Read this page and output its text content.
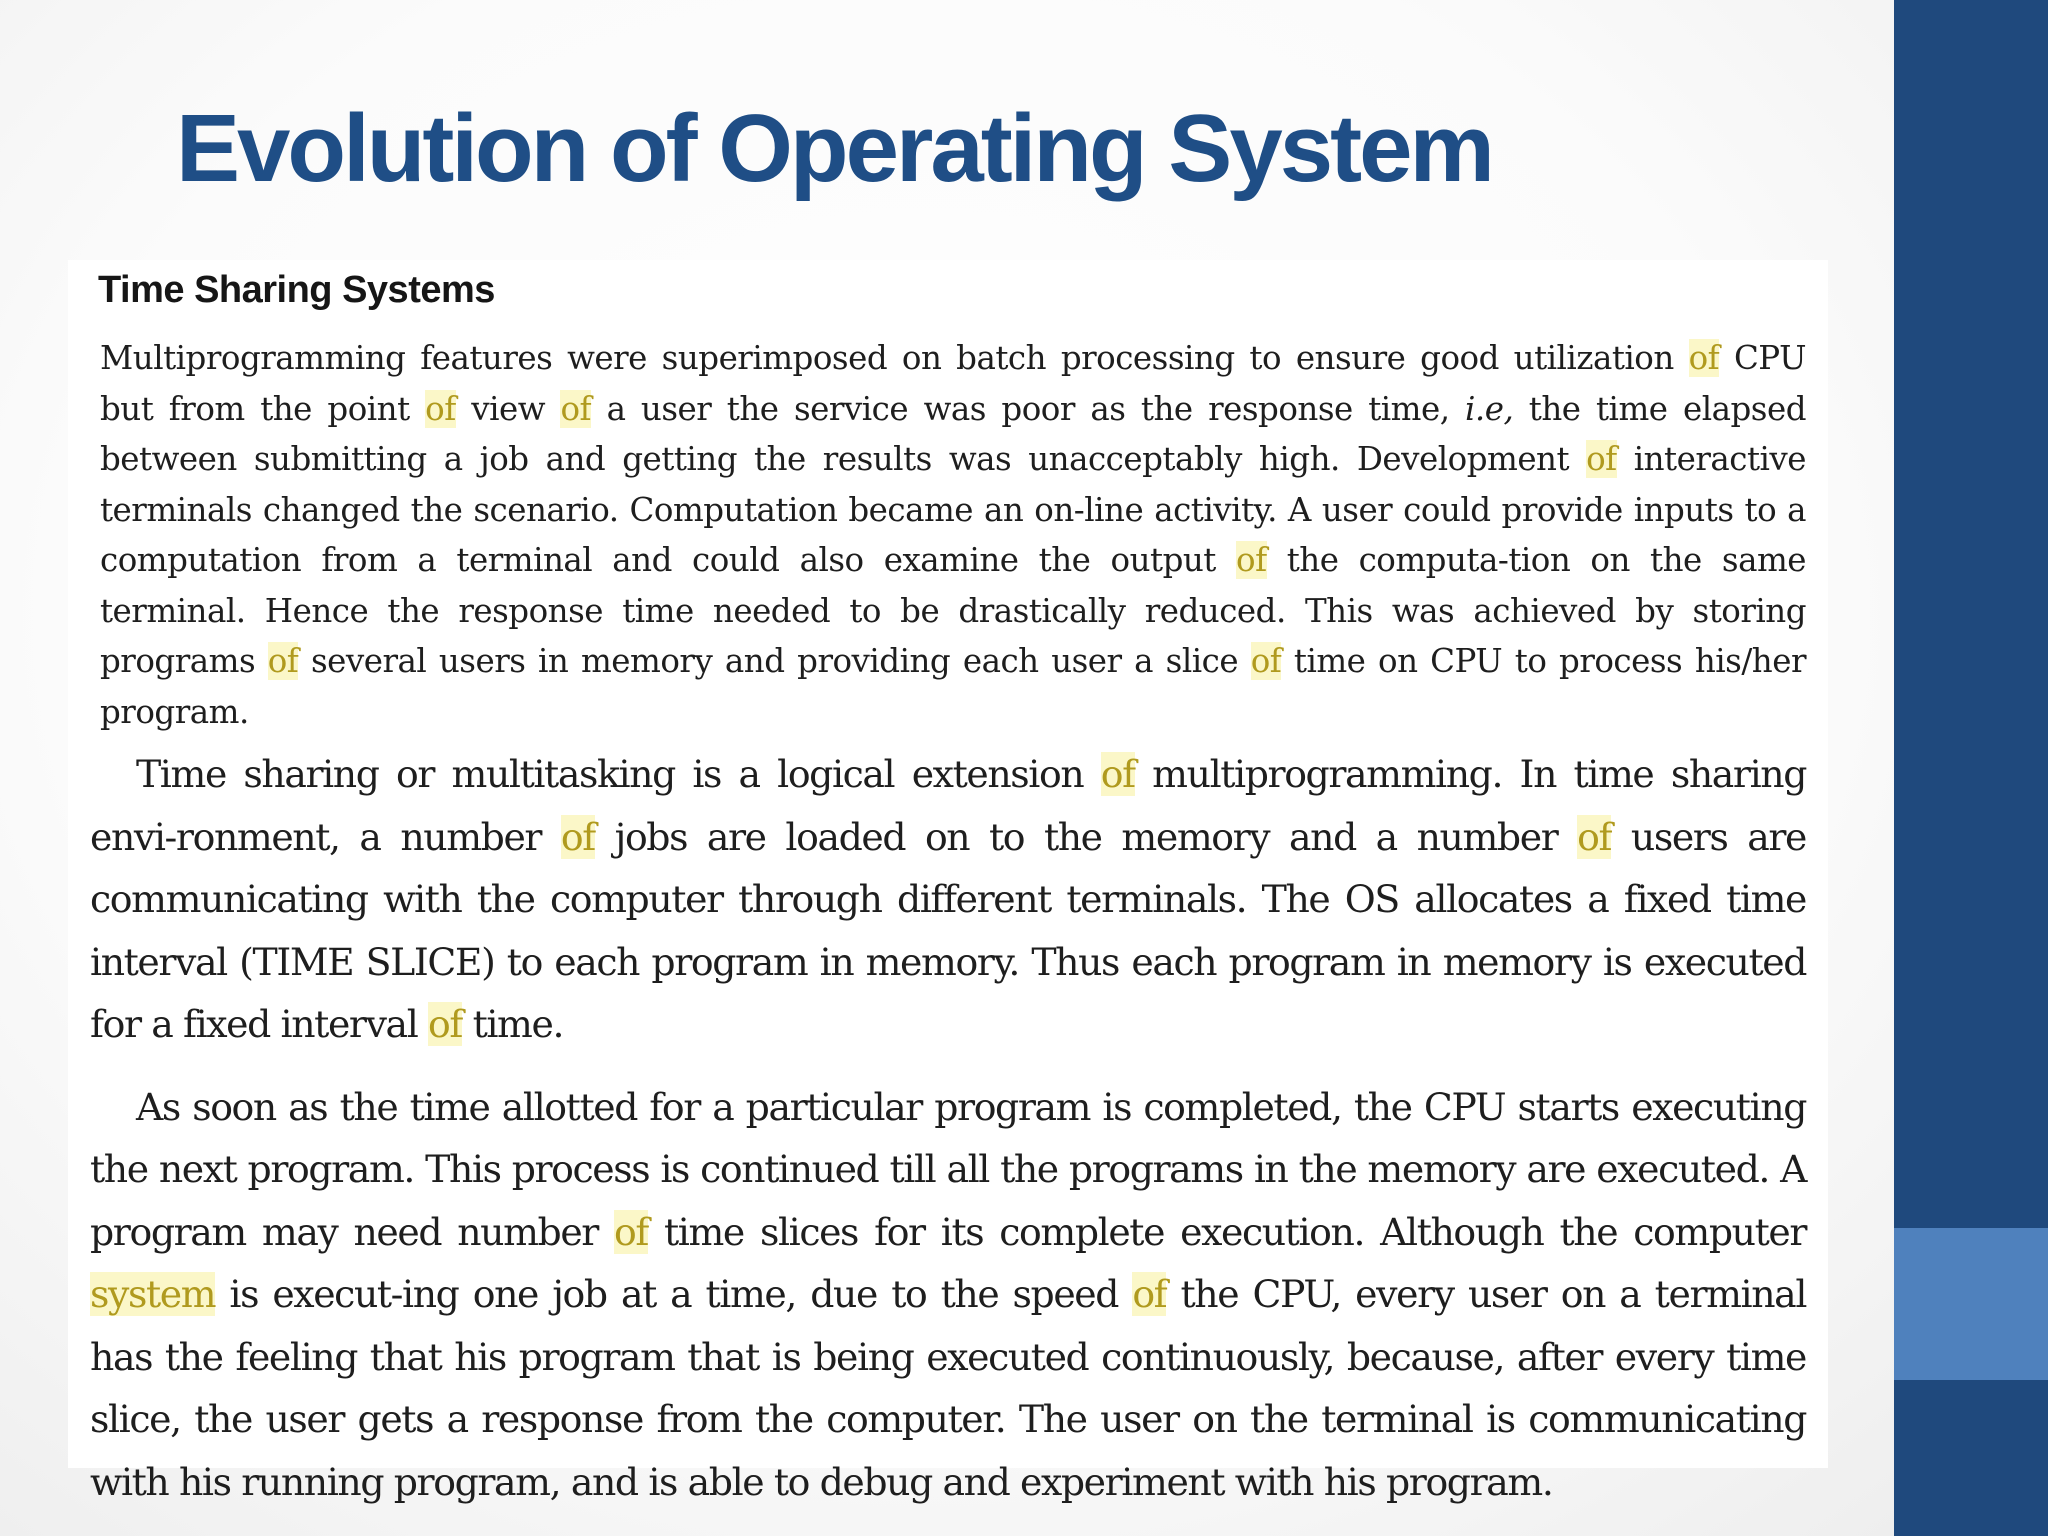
Evolution of Operating System
Time Sharing Systems

Multiprogramming features were superimposed on batch processing to ensure good utilization of CPU but from the point of view of a user the service was poor as the response time, i.e, the time elapsed between submitting a job and getting the results was unacceptably high. Development of interactive terminals changed the scenario. Computation became an on-line activity. A user could provide inputs to a computation from a terminal and could also examine the output of the computa-tion on the same terminal. Hence the response time needed to be drastically reduced. This was achieved by storing programs of several users in memory and providing each user a slice of time on CPU to process his/her program.

Time sharing or multitasking is a logical extension of multiprogramming. In time sharing envi-ronment, a number of jobs are loaded on to the memory and a number of users are communicating with the computer through different terminals. The OS allocates a fixed time interval (TIME SLICE) to each program in memory. Thus each program in memory is executed for a fixed interval of time.

As soon as the time allotted for a particular program is completed, the CPU starts executing the next program. This process is continued till all the programs in the memory are executed. A program may need number of time slices for its complete execution. Although the computer system is execut-ing one job at a time, due to the speed of the CPU, every user on a terminal has the feeling that his program that is being executed continuously, because, after every time slice, the user gets a response from the computer. The user on the terminal is communicating with his running program, and is able to debug and experiment with his program.
